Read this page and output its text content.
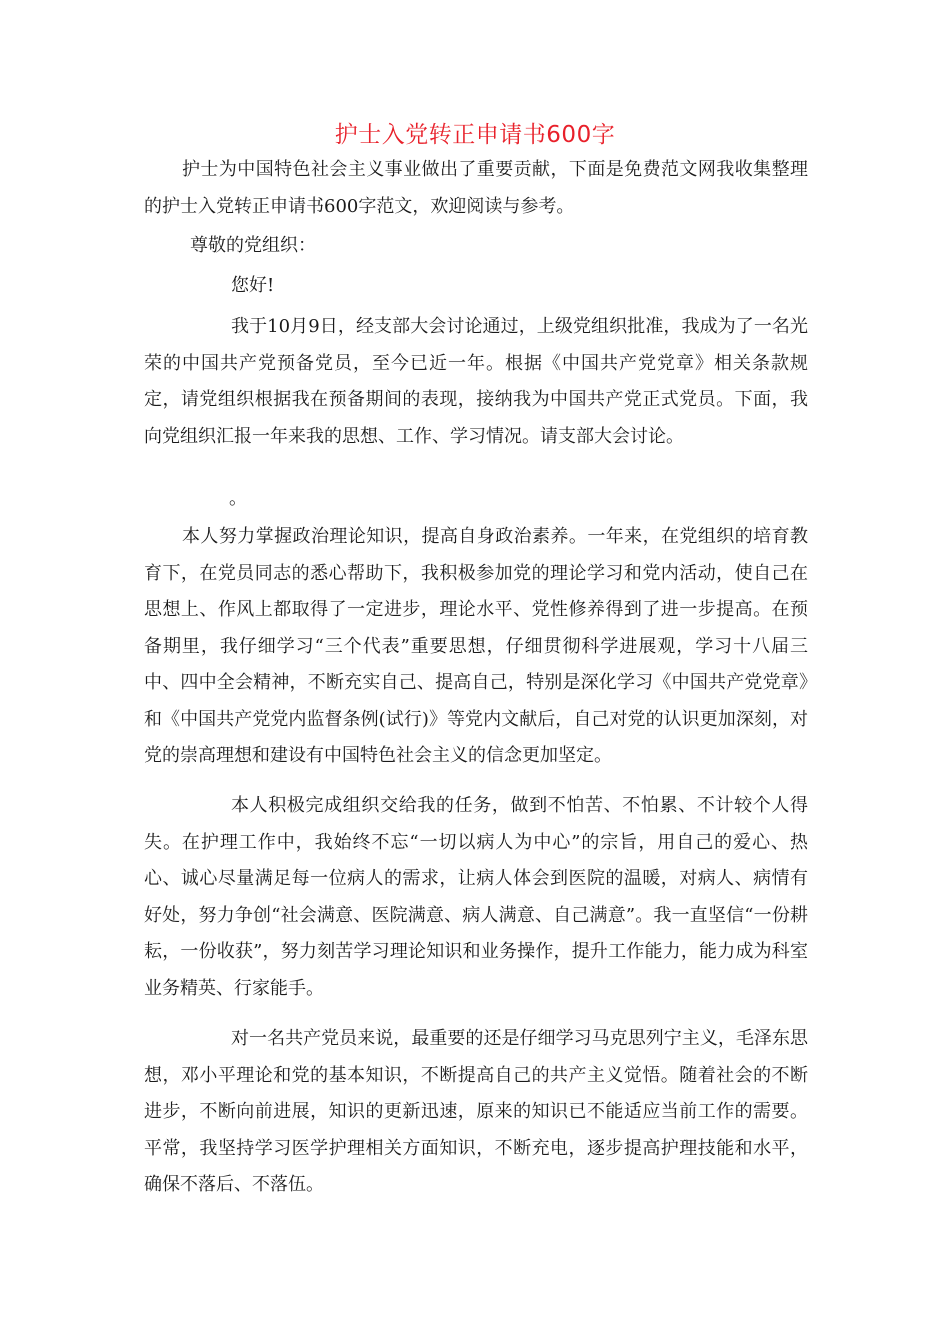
护士入党转正申请书600字

护士为中国特色社会主义事业做出了重要贡献，下面是免费范文网我收集整理的护士入党转正申请书600字范文，欢迎阅读与参考。

尊敬的党组织：

您好!

我于10月9日，经支部大会讨论通过，上级党组织批准，我成为了一名光荣的中国共产党预备党员，至今已近一年。根据《中国共产党党章》相关条款规定，请党组织根据我在预备期间的表现，接纳我为中国共产党正式党员。下面，我向党组织汇报一年来我的思想、工作、学习情况。请支部大会讨论。

。

本人努力掌握政治理论知识，提高自身政治素养。一年来，在党组织的培育教育下，在党员同志的悉心帮助下，我积极参加党的理论学习和党内活动，使自己在思想上、作风上都取得了一定进步，理论水平、党性修养得到了进一步提高。在预备期里，我仔细学习“三个代表”重要思想，仔细贯彻科学进展观，学习十八届三中、四中全会精神，不断充实自己、提高自己，特别是深化学习《中国共产党党章》和《中国共产党党内监督条例(试行)》等党内文献后，自己对党的认识更加深刻，对党的崇高理想和建设有中国特色社会主义的信念更加坚定。

本人积极完成组织交给我的任务，做到不怕苦、不怕累、不计较个人得失。在护理工作中，我始终不忘“一切以病人为中心”的宗旨，用自己的爱心、热心、诚心尽量满足每一位病人的需求，让病人体会到医院的温暖，对病人、病情有好处，努力争创“社会满意、医院满意、病人满意、自己满意”。我一直坚信“一份耕耘，一份收获”，努力刻苦学习理论知识和业务操作，提升工作能力，能力成为科室业务精英、行家能手。

对一名共产党员来说，最重要的还是仔细学习马克思列宁主义，毛泽东思想，邓小平理论和党的基本知识，不断提高自己的共产主义觉悟。随着社会的不断进步，不断向前进展，知识的更新迅速，原来的知识已不能适应当前工作的需要。平常，我坚持学习医学护理相关方面知识，不断充电，逐步提高护理技能和水平，确保不落后、不落伍。
